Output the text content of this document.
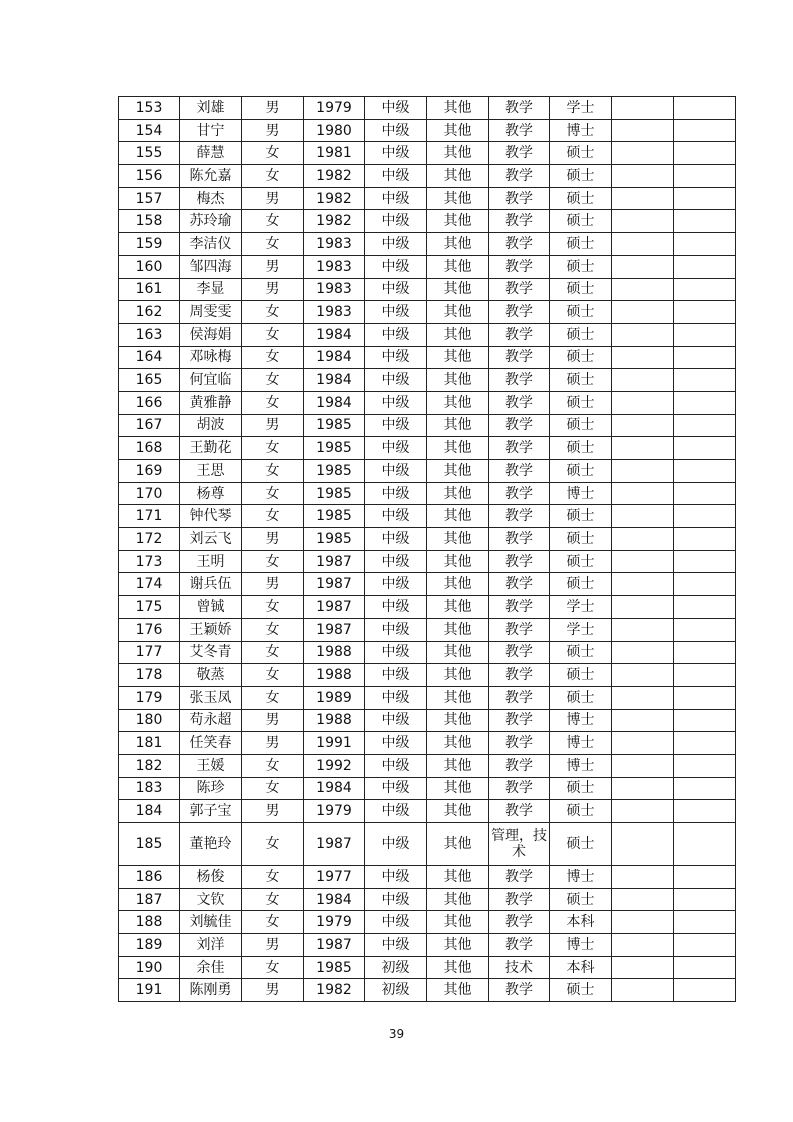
153	刘雄	男	1979	中级	其他	教学	学士		
154	甘宁	男	1980	中级	其他	教学	博士		
155	薛慧	女	1981	中级	其他	教学	硕士		
156	陈允嘉	女	1982	中级	其他	教学	硕士		
157	梅杰	男	1982	中级	其他	教学	硕士		
158	苏玲瑜	女	1982	中级	其他	教学	硕士		
159	李洁仪	女	1983	中级	其他	教学	硕士		
160	邹四海	男	1983	中级	其他	教学	硕士		
161	李显	男	1983	中级	其他	教学	硕士		
162	周雯雯	女	1983	中级	其他	教学	硕士		
163	侯海娟	女	1984	中级	其他	教学	硕士		
164	邓咏梅	女	1984	中级	其他	教学	硕士		
165	何宜临	女	1984	中级	其他	教学	硕士		
166	黄雅静	女	1984	中级	其他	教学	硕士		
167	胡波	男	1985	中级	其他	教学	硕士		
168	王勤花	女	1985	中级	其他	教学	硕士		
169	王思	女	1985	中级	其他	教学	硕士		
170	杨尊	女	1985	中级	其他	教学	博士		
171	钟代琴	女	1985	中级	其他	教学	硕士		
172	刘云飞	男	1985	中级	其他	教学	硕士		
173	王明	女	1987	中级	其他	教学	硕士		
174	谢兵伍	男	1987	中级	其他	教学	硕士		
175	曾铖	女	1987	中级	其他	教学	学士		
176	王颖娇	女	1987	中级	其他	教学	学士		
177	艾冬青	女	1988	中级	其他	教学	硕士		
178	敬蒸	女	1988	中级	其他	教学	硕士		
179	张玉凤	女	1989	中级	其他	教学	硕士		
180	苟永超	男	1988	中级	其他	教学	博士		
181	任笑春	男	1991	中级	其他	教学	博士		
182	王媛	女	1992	中级	其他	教学	博士		
183	陈珍	女	1984	中级	其他	教学	硕士		
184	郭子宝	男	1979	中级	其他	教学	硕士		
185	董艳玲	女	1987	中级	其他	管理，技术	硕士		
186	杨俊	女	1977	中级	其他	教学	博士		
187	文钦	女	1984	中级	其他	教学	硕士		
188	刘毓佳	女	1979	中级	其他	教学	本科		
189	刘洋	男	1987	中级	其他	教学	博士		
190	余佳	女	1985	初级	其他	技术	本科		
191	陈刚勇	男	1982	初级	其他	教学	硕士		
39
